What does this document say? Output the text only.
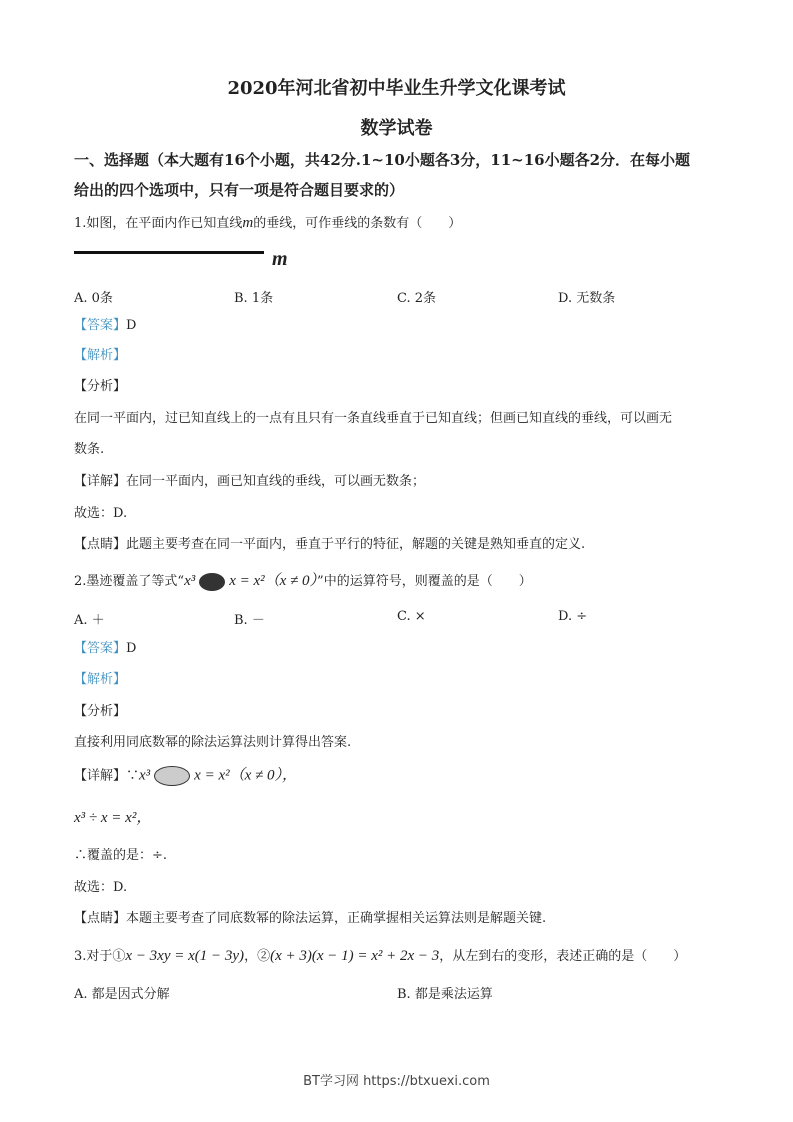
2020年河北省初中毕业生升学文化课考试
数学试卷
一、选择题（本大题有16个小题，共42分.1~10小题各3分，11~16小题各2分．在每小题
给出的四个选项中，只有一项是符合题目要求的）
1.如图，在平面内作已知直线m的垂线，可作垂线的条数有（　　）
m
A. 0条	B. 1条	C. 2条	D. 无数条
【答案】D
【解析】
【分析】
在同一平面内，过已知直线上的一点有且只有一条直线垂直于已知直线；但画已知直线的垂线，可以画无
数条.
【详解】在同一平面内，画已知直线的垂线，可以画无数条；
故选：D.
【点睛】此题主要考查在同一平面内，垂直于平行的特征，解题的关键是熟知垂直的定义.
2.墨迹覆盖了等式“x³ x = x²（x ≠ 0）”中的运算符号，则覆盖的是（　　）
A. ＋	B. －	C. ×	D. ÷
【答案】D
【解析】
【分析】
直接利用同底数幂的除法运算法则计算得出答案.
【详解】∵x³	x = x²（x ≠ 0），
x³ ÷ x = x²，
∴覆盖的是：÷.
故选：D.
【点睛】本题主要考查了同底数幂的除法运算，正确掌握相关运算法则是解题关键.
3.对于①x − 3xy = x(1 − 3y)，②(x + 3)(x − 1) = x² + 2x − 3，从左到右的变形，表述正确的是（　　）
A. 都是因式分解	B. 都是乘法运算
BT学习网 https://btxuexi.com
